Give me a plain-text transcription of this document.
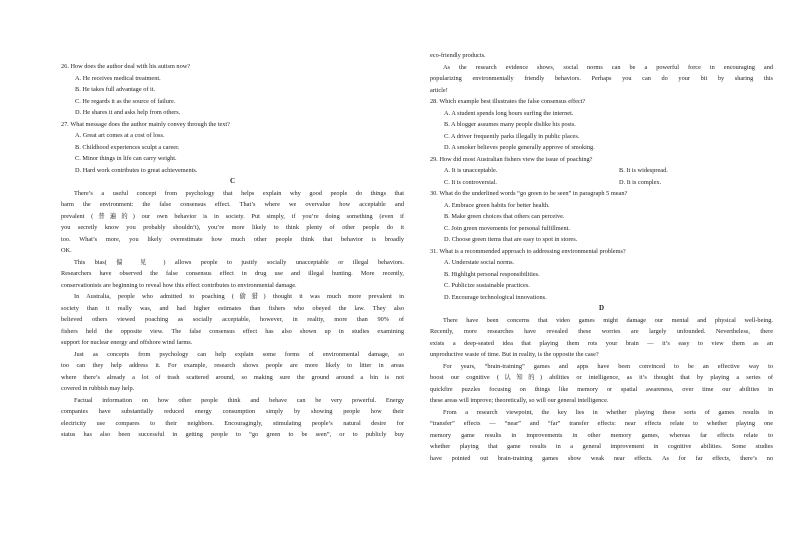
26. How does the author deal with his autism now?
A. He receives medical treatment.
B. He takes full advantage of it.
C. He regards it as the source of failure.
D. He shares it and asks help from others.
27. What message does the author mainly convey through the text?
A. Great art comes at a cost of loss.
B. Childhood experiences sculpt a career.
C. Minor things in life can carry weight.
D. Hard work contributes to great achievements.
C
There’s a useful concept from psychology that helps explain why good people do things that
harm the environment: the false consensus effect. That’s where we overvalue how acceptable and
prevalent (普遍的) our own behavior is in society. Put simply, if you’re doing something (even if
you secretly know you probably shouldn’t), you’re more likely to think plenty of other people do it
too. What’s more, you likely overestimate how much other people think that behavior is broadly
OK.
This bias( 偏 见 ) allows people to justify socially unacceptable or illegal behaviors.
Researchers have observed the false consensus effect in drug use and illegal hunting. More recently,
conservationists are beginning to reveal how this effect contributes to environmental damage.
In Australia, people who admitted to poaching (偷猎) thought it was much more prevalent in
society than it really was, and had higher estimates than fishers who obeyed the law. They also
believed others viewed poaching as socially acceptable, however, in reality, more than 90% of
fishers held the opposite view. The false consensus effect has also shown up in studies examining
support for nuclear energy and offshore wind farms.
Just as concepts from psychology can help explain some forms of environmental damage, so
too can they help address it. For example, research shows people are more likely to litter in areas
where there’s already a lot of trash scattered around, so making sure the ground around a bin is not
covered in rubbish may help.
Factual information on how other people think and behave can be very powerful. Energy
companies have substantially reduced energy consumption simply by showing people how their
electricity use compares to their neighbors. Encouragingly, stimulating people’s natural desire for
status has also been successful in getting people to “go green to be seen”, or to publicly buy
eco-friendly products.
As the research evidence shows, social norms can be a powerful force in encouraging and
popularizing environmentally friendly behaviors. Perhaps you can do your bit by sharing this
article!
28. Which example best illustrates the false consensus effect?
A. A student spends long hours surfing the internet.
B. A blogger assumes many people dislike his posts.
C. A driver frequently parks illegally in public places.
D. A smoker believes people generally approve of smoking.
29. How did most Australian fishers view the issue of poaching?
A. It is unacceptable.	B. It is widespread.
C. It is controversial.	D. It is complex.
30. What do the underlined words “go green to be seen” in paragraph 5 mean?
A. Embrace green habits for better health.
B. Make green choices that others can perceive.
C. Join green movements for personal fulfillment.
D. Choose green items that are easy to spot in stores.
31. What is a recommended approach to addressing environmental problems?
A. Understate social norms.
B. Highlight personal responsibilities.
C. Publicize sustainable practices.
D. Encourage technological innovations.
D
There have been concerns that video games might damage our mental and physical well-being.
Recently, more researches have revealed these worries are largely unfounded. Nevertheless, there
exists a deep-seated idea that playing them rots your brain — it’s easy to view them as an
unproductive waste of time. But in reality, is the opposite the case?
For years, “brain-training” games and apps have been convinced to be an effective way to
boost our cognitive (认知的) abilities or intelligence, as it’s thought that by playing a series of
quickfire puzzles focusing on things like memory or spatial awareness, over time our abilities in
these areas will improve; theoretically, so will our general intelligence.
From a research viewpoint, the key lies in whether playing these sorts of games results in
“transfer” effects — “near” and “far” transfer effects: near effects relate to whether playing one
memory game results in improvements in other memory games, whereas far effects relate to
whether playing that game results in a general improvement in cognitive abilities. Some studies
have pointed out brain-training games show weak near effects. As for far effects, there’s no
